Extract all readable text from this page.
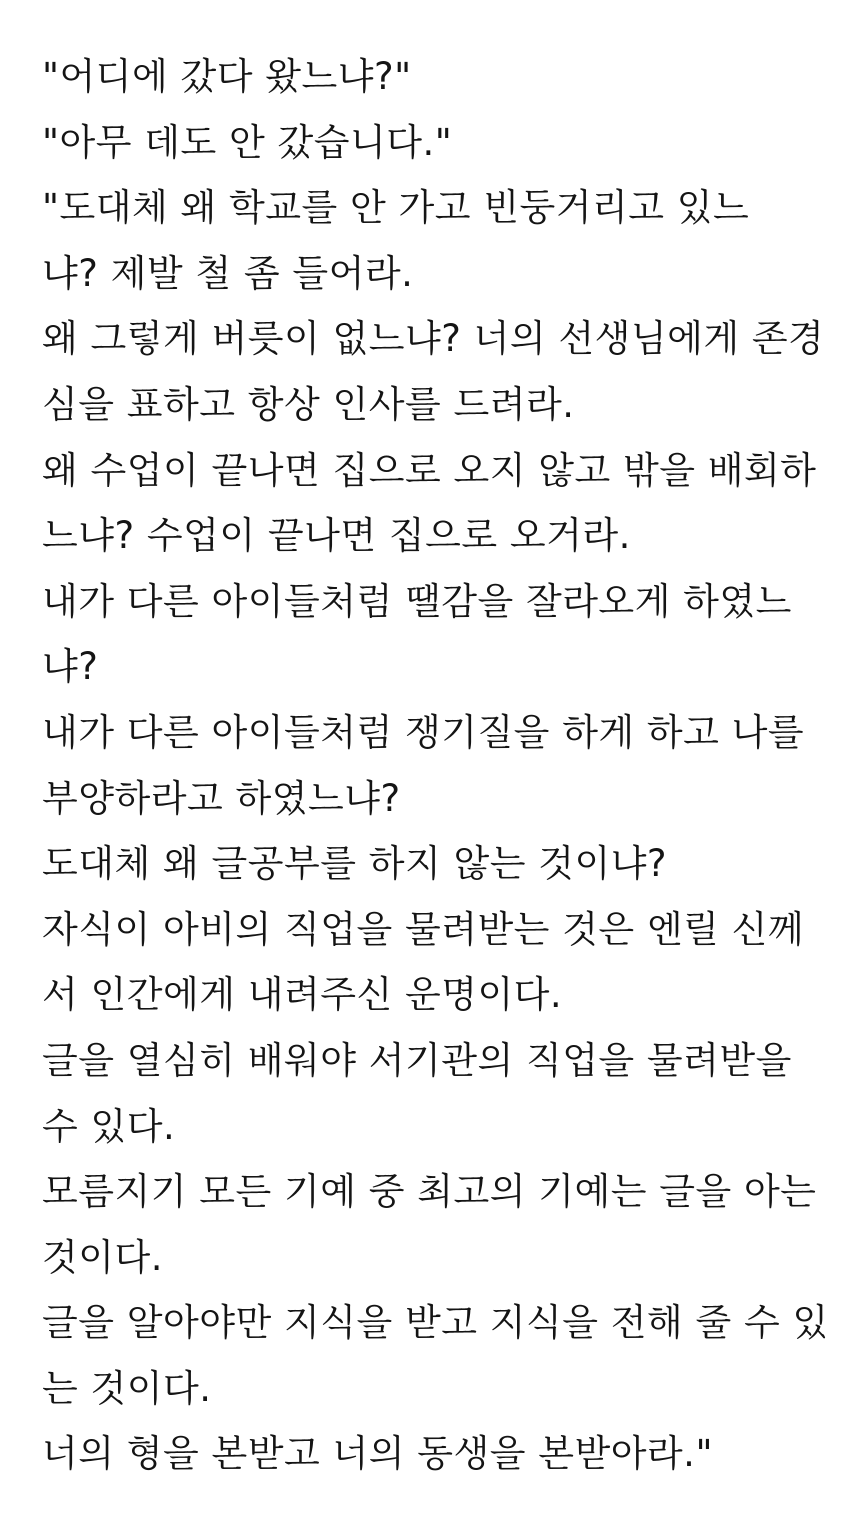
"어디에 갔다 왔느냐?"
"아무 데도 안 갔습니다."
"도대체 왜 학교를 안 가고 빈둥거리고 있느
냐? 제발 철 좀 들어라.
왜 그렇게 버릇이 없느냐? 너의 선생님에게 존경
심을 표하고 항상 인사를 드려라.
왜 수업이 끝나면 집으로 오지 않고 밖을 배회하
느냐? 수업이 끝나면 집으로 오거라.
내가 다른 아이들처럼 땔감을 잘라오게 하였느
냐?
내가 다른 아이들처럼 쟁기질을 하게 하고 나를
부양하라고 하였느냐?
도대체 왜 글공부를 하지 않는 것이냐?
자식이 아비의 직업을 물려받는 것은 엔릴 신께
서 인간에게 내려주신 운명이다.
글을 열심히 배워야 서기관의 직업을 물려받을
수 있다.
모름지기 모든 기예 중 최고의 기예는 글을 아는
것이다.
글을 알아야만 지식을 받고 지식을 전해 줄 수 있
는 것이다.
너의 형을 본받고 너의 동생을 본받아라."
